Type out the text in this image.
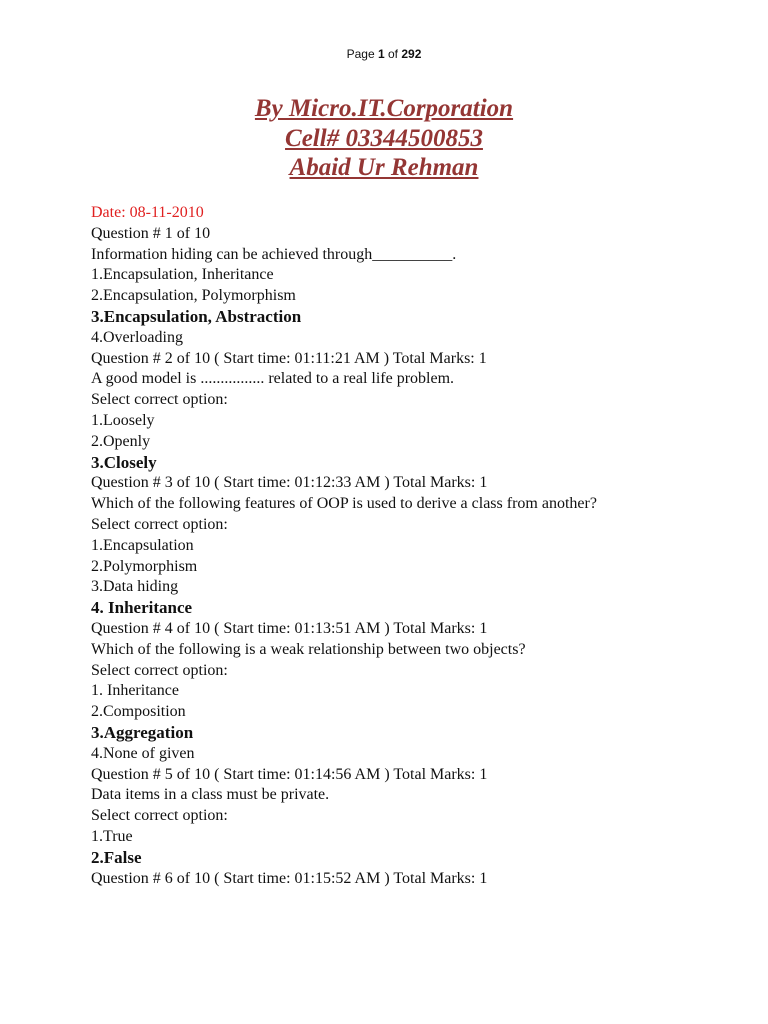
Page 1 of 292
By Micro.IT.Corporation
Cell# 03344500853
Abaid Ur Rehman
Date: 08-11-2010
Question # 1 of 10
Information hiding can be achieved through__________.
1.Encapsulation, Inheritance
2.Encapsulation, Polymorphism
3.Encapsulation, Abstraction
4.Overloading
Question # 2 of 10 ( Start time: 01:11:21 AM ) Total Marks: 1
A good model is ................ related to a real life problem.
Select correct option:
1.Loosely
2.Openly
3.Closely
Question # 3 of 10 ( Start time: 01:12:33 AM ) Total Marks: 1
Which of the following features of OOP is used to derive a class from another?
Select correct option:
1.Encapsulation
2.Polymorphism
3.Data hiding
4. Inheritance
Question # 4 of 10 ( Start time: 01:13:51 AM ) Total Marks: 1
Which of the following is a weak relationship between two objects?
Select correct option:
1. Inheritance
2.Composition
3.Aggregation
4.None of given
Question # 5 of 10 ( Start time: 01:14:56 AM ) Total Marks: 1
Data items in a class must be private.
Select correct option:
1.True
2.False
Question # 6 of 10 ( Start time: 01:15:52 AM ) Total Marks: 1
